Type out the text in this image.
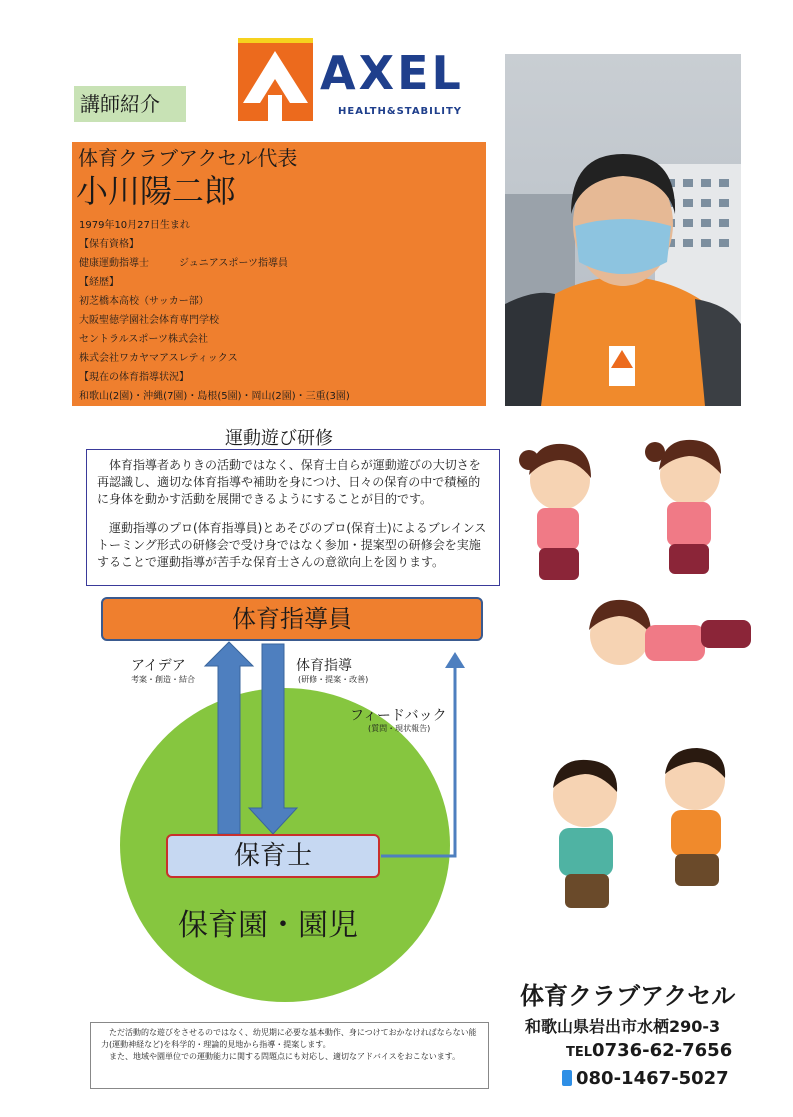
AXEL
HEALTH&STABILITY
講師紹介
体育クラブアクセル代表
小川陽二郎
1979年10月27日生まれ
【保有資格】
健康運動指導士　　　ジュニアスポーツ指導員
【経歴】
初芝橋本高校（サッカー部）
大阪聖徳学園社会体育専門学校
セントラルスポーツ株式会社
株式会社ワカヤマアスレティックス
【現在の体育指導状況】
和歌山(2園)・沖縄(7園)・島根(5園)・岡山(2園)・三重(3園)
運動遊び研修

体育指導者ありきの活動ではなく、保育士自らが運動遊びの大切さを再認識し、適切な体育指導や補助を身につけ、日々の保育の中で積極的に身体を動かす活動を展開できるようにすることが目的です。

運動指導のプロ(体育指導員)とあそびのプロ(保育士)によるブレインストーミング形式の研修会で受け身ではなく参加・提案型の研修会を実施することで運動指導が苦手な保育士さんの意欲向上を図ります。

体育指導員
保育士
保育園・園児
アイデア
考案・創造・結合
体育指導
(研修・提案・改善)
フィードバック
(質問・現状報告)

ただ活動的な遊びをさせるのではなく、幼児期に必要な基本動作、身につけておかなければならない能力(運動神経など)を科学的・理論的見地から指導・提案します。

また、地域や園単位での運動能力に関する問題点にも対応し、適切なアドバイスをおこないます。

体育クラブアクセル
和歌山県岩出市水栖290-3
TEL0736-62-7656
080-1467-5027
